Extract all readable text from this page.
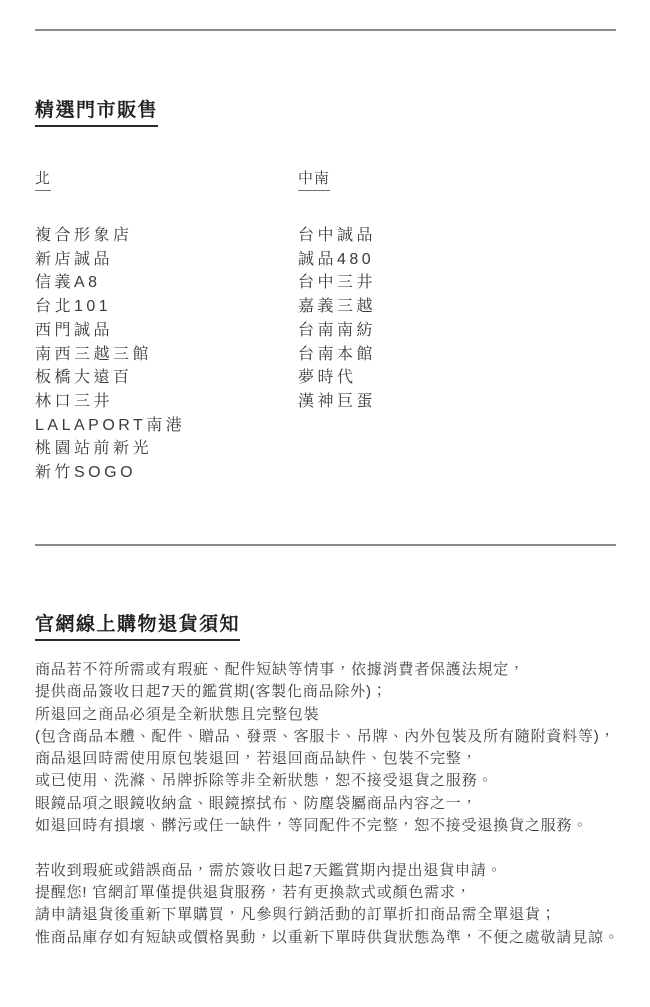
精選門市販售
北
複合形象店
新店誠品
信義A8
台北101
西門誠品
南西三越三館
板橋大遠百
林口三井
LALAPORT南港
桃園站前新光
新竹SOGO
中南
台中誠品
誠品480
台中三井
嘉義三越
台南南紡
台南本館
夢時代
漢神巨蛋
官網線上購物退貨須知

商品若不符所需或有瑕疵、配件短缺等情事，依據消費者保護法規定，
提供商品簽收日起7天的鑑賞期(客製化商品除外)；
所退回之商品必須是全新狀態且完整包裝
(包含商品本體、配件、贈品、發票、客服卡、吊牌、內外包裝及所有隨附資料等)，
商品退回時需使用原包裝退回，若退回商品缺件、包裝不完整，
或已使用、洗滌、吊牌拆除等非全新狀態，恕不接受退貨之服務。
眼鏡品項之眼鏡收納盒、眼鏡擦拭布、防塵袋屬商品內容之一，
如退回時有損壞、髒污或任一缺件，等同配件不完整，恕不接受退換貨之服務。

若收到瑕疵或錯誤商品，需於簽收日起7天鑑賞期內提出退貨申請。
提醒您! 官網訂單僅提供退貨服務，若有更換款式或顏色需求，
請申請退貨後重新下單購買，凡參與行銷活動的訂單折扣商品需全單退貨；
惟商品庫存如有短缺或價格異動，以重新下單時供貨狀態為準，不便之處敬請見諒。
